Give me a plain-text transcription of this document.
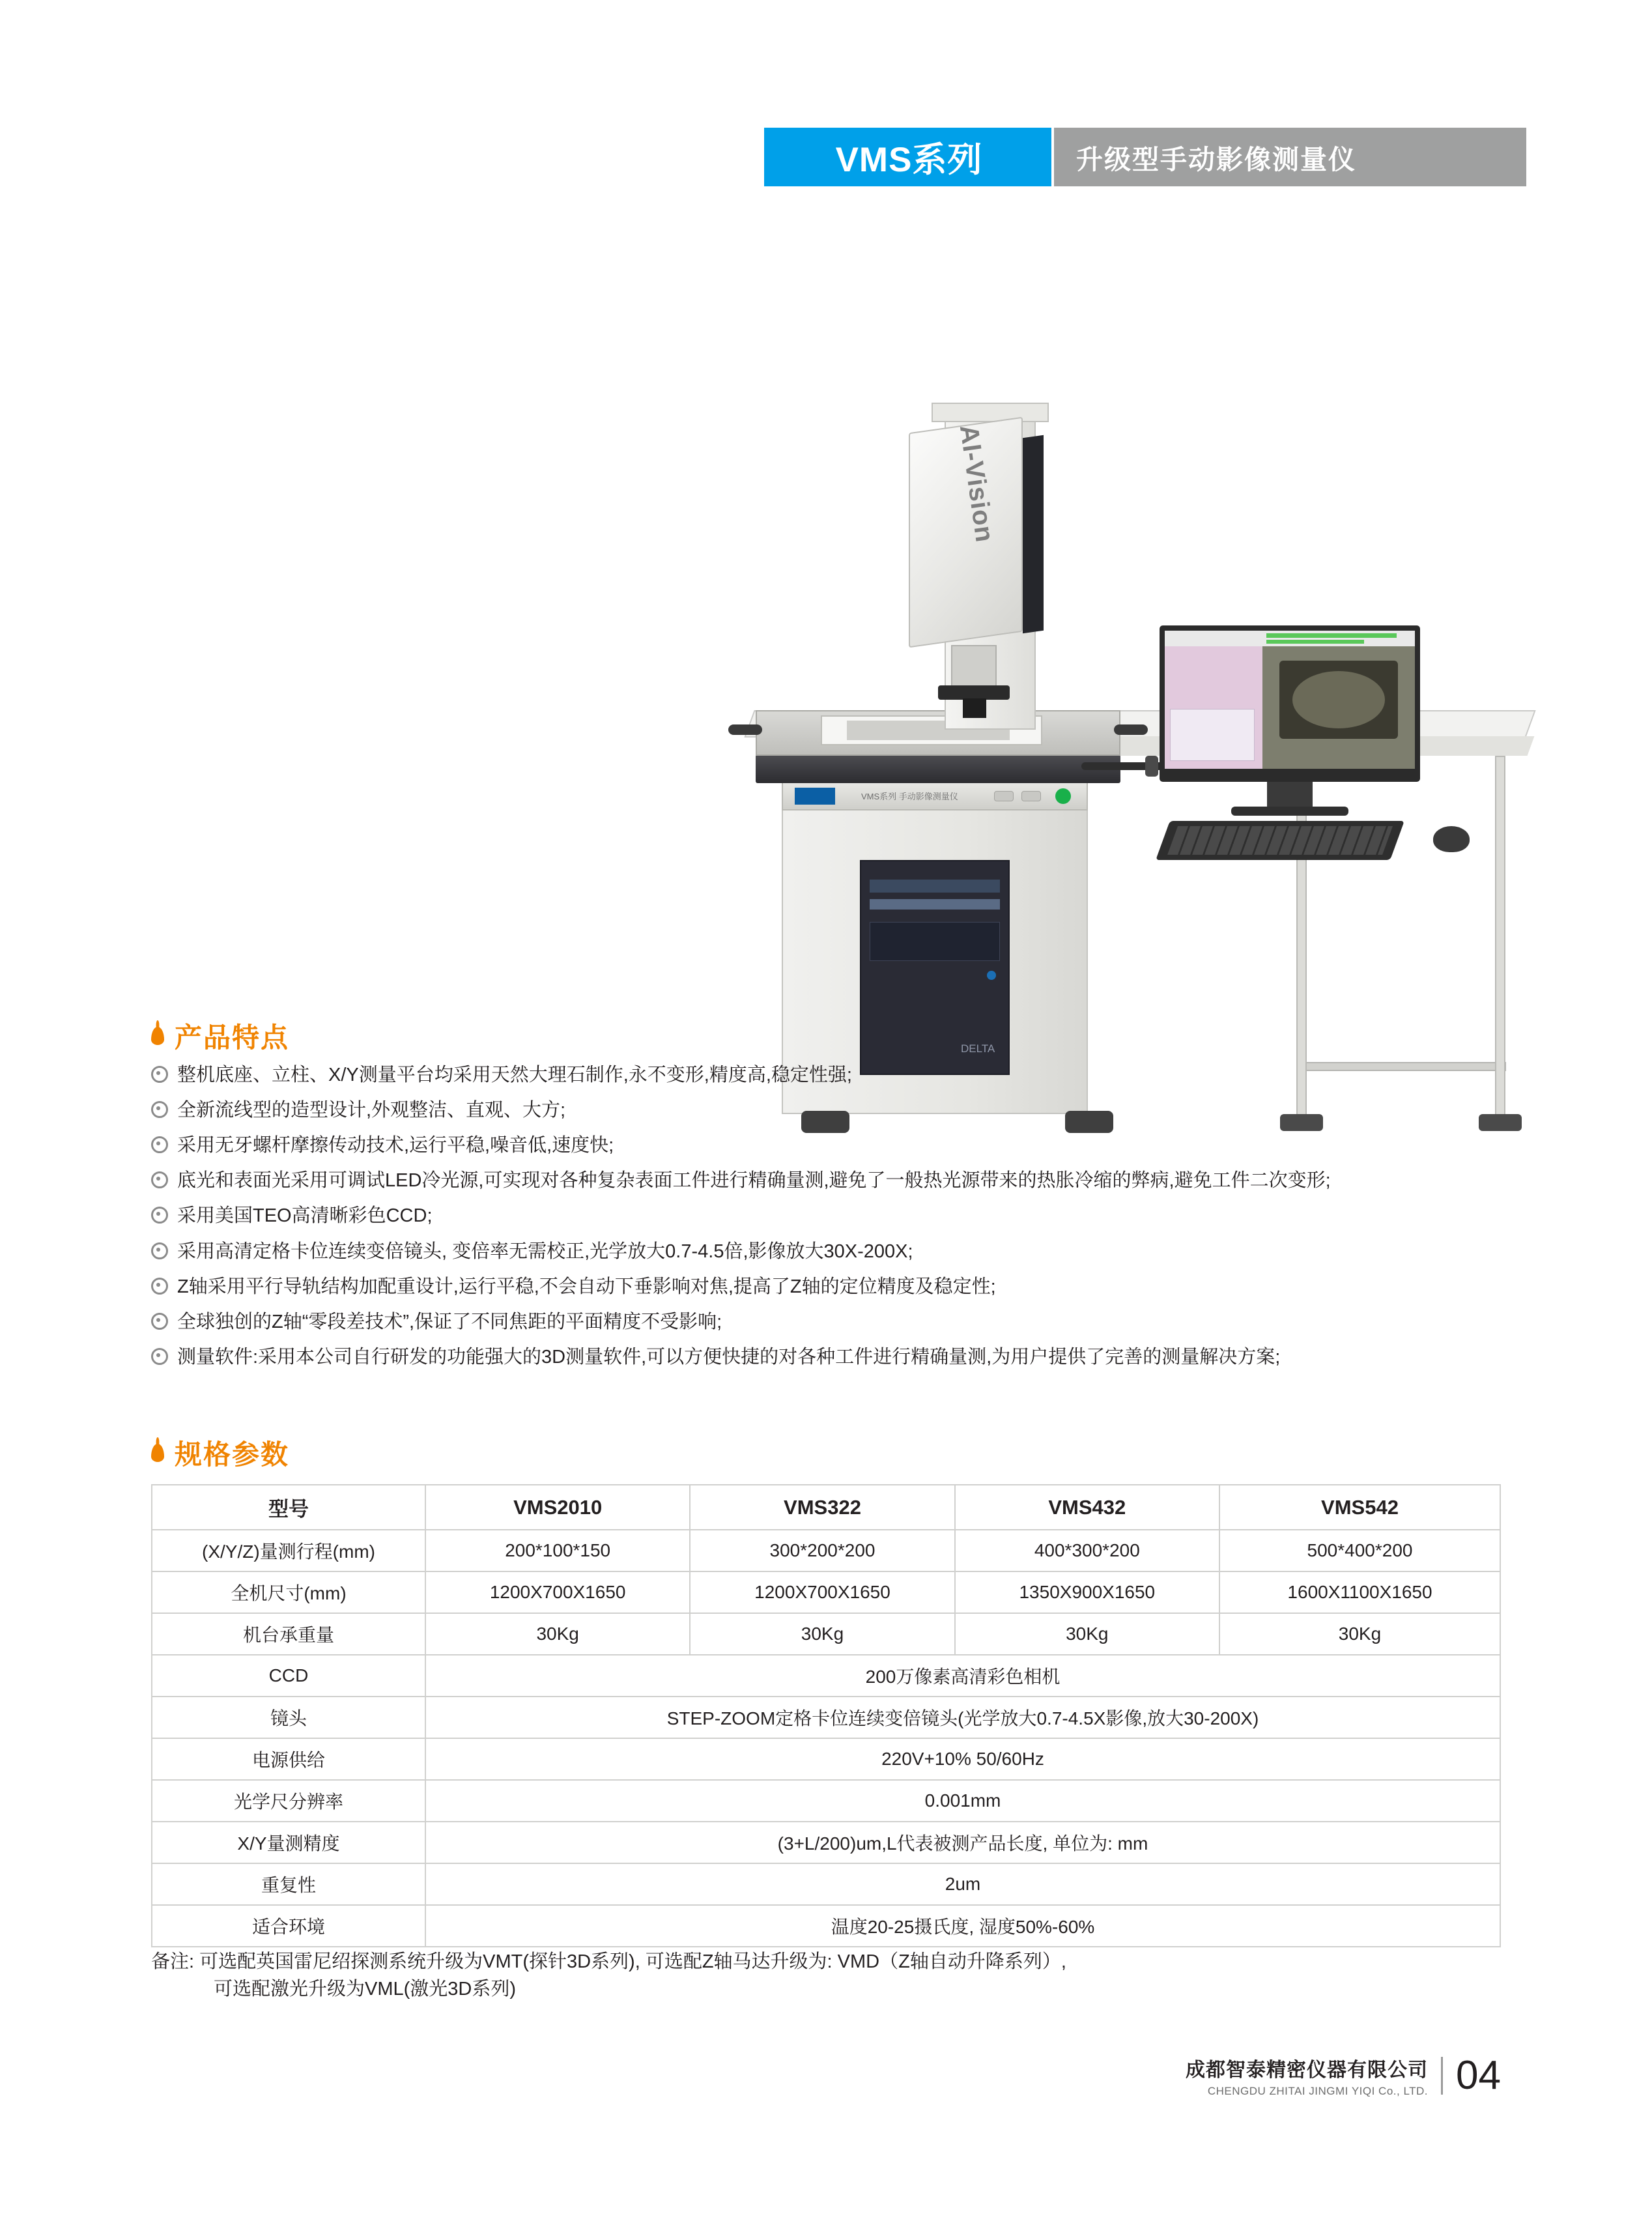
VMS系列	升级型手动影像测量仪
DELTA
VMS系列 手动影像测量仪
AI-Vision
产品特点
整机底座、立柱、X/Y测量平台均采用天然大理石制作,永不变形,精度高,稳定性强;
全新流线型的造型设计,外观整洁、直观、大方;
采用无牙螺杆摩擦传动技术,运行平稳,噪音低,速度快;
底光和表面光采用可调试LED冷光源,可实现对各种复杂表面工件进行精确量测,避免了一般热光源带来的热胀冷缩的弊病,避免工件二次变形;
采用美国TEO高清晰彩色CCD;
采用高清定格卡位连续变倍镜头, 变倍率无需校正,光学放大0.7-4.5倍,影像放大30X-200X;
Z轴采用平行导轨结构加配重设计,运行平稳,不会自动下垂影响对焦,提高了Z轴的定位精度及稳定性;
全球独创的Z轴“零段差技术”,保证了不同焦距的平面精度不受影响;
测量软件:采用本公司自行研发的功能强大的3D测量软件,可以方便快捷的对各种工件进行精确量测,为用户提供了完善的测量解决方案;
规格参数
型号	VMS2010	VMS322	VMS432	VMS542
(X/Y/Z)量测行程(mm)	200*100*150	300*200*200	400*300*200	500*400*200
全机尺寸(mm)	1200X700X1650	1200X700X1650	1350X900X1650	1600X1100X1650
机台承重量	30Kg	30Kg	30Kg	30Kg
CCD	200万像素高清彩色相机			
镜头	STEP-ZOOM定格卡位连续变倍镜头(光学放大0.7-4.5X影像,放大30-200X)			
电源供给	220V+10% 50/60Hz			
光学尺分辨率	0.001mm			
X/Y量测精度	(3+L/200)um,L代表被测产品长度, 单位为: mm			
重复性	2um			
适合环境	温度20-25摄氏度, 湿度50%-60%			
备注: 可选配英国雷尼绍探测系统升级为VMT(探针3D系列), 可选配Z轴马达升级为: VMD（Z轴自动升降系列）,
可选配激光升级为VML(激光3D系列)
成都智泰精密仪器有限公司
CHENGDU ZHITAI JINGMI YIQI Co., LTD. 04
